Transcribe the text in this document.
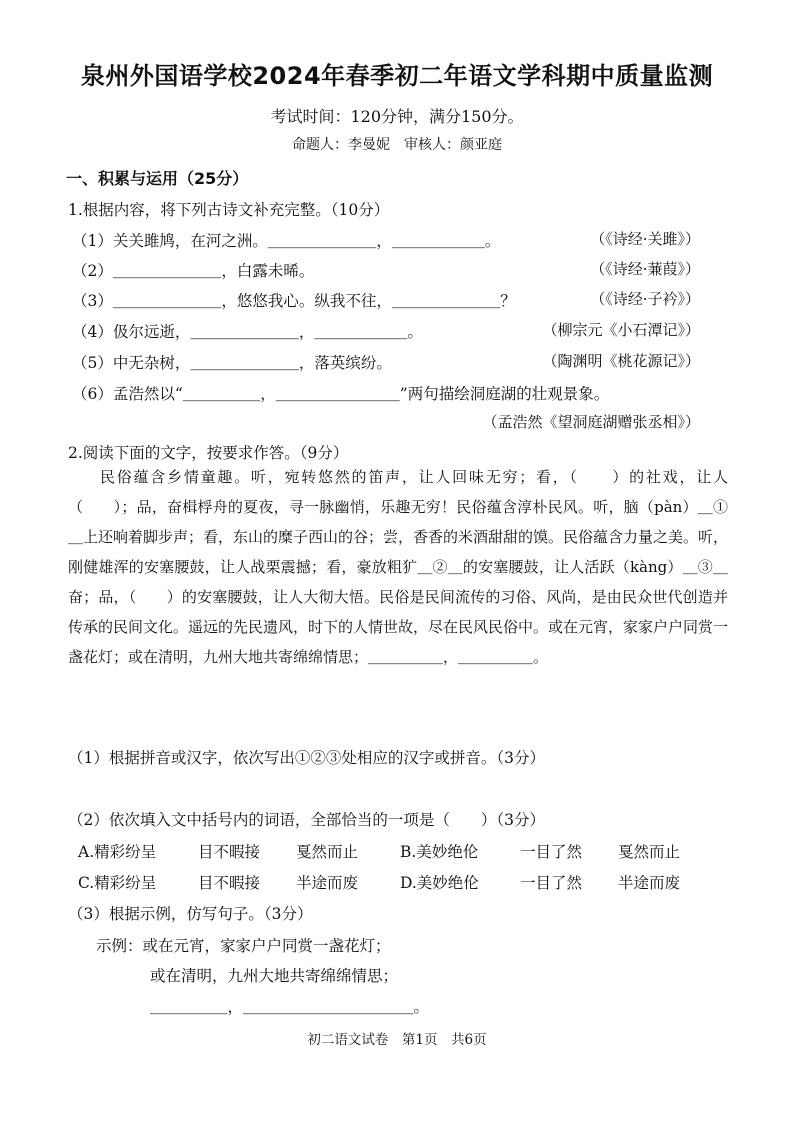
泉州外国语学校2024年春季初二年语文学科期中质量监测
考试时间：120分钟，满分150分。
命题人：李曼妮　审核人：颜亚庭
一、积累与运用（25分）
1.根据内容，将下列古诗文补充完整。（10分）
（1）关关雎鸠，在河之洲。＿＿＿＿＿＿＿，＿＿＿＿＿＿。	（《诗经·关雎》）
（2）＿＿＿＿＿＿＿，白露未晞。	（《诗经·蒹葭》）
（3）＿＿＿＿＿＿＿，悠悠我心。纵我不往，＿＿＿＿＿＿＿？	（《诗经·子衿》）
（4）伋尔远逝，＿＿＿＿＿＿＿，＿＿＿＿＿＿。	（柳宗元《小石潭记》）
（5）中无杂树，＿＿＿＿＿＿＿，落英缤纷。	（陶渊明《桃花源记》）
（6）孟浩然以“＿＿＿＿＿，＿＿＿＿＿＿＿＿”两句描绘洞庭湖的壮观景象。
（孟浩然《望洞庭湖赠张丞相》）
2.阅读下面的文字，按要求作答。（9分）

民俗蕴含乡情童趣。听，宛转悠然的笛声，让人回味无穷；看，（　　）的社戏，让人（　　）；品，奋楫桴舟的夏夜，寻一脉幽悄，乐趣无穷！民俗蕴含淳朴民风。听，脑（pàn）＿①＿上还响着脚步声；看，东山的糜子西山的谷；尝，香香的米酒甜甜的馍。民俗蕴含力量之美。听，刚健雄浑的安塞腰鼓，让人战栗震撼；看，豪放粗犷＿②＿的安塞腰鼓，让人活跃（kàng）＿③＿奋；品，（　　）的安塞腰鼓，让人大彻大悟。民俗是民间流传的习俗、风尚，是由民众世代创造并传承的民间文化。遥远的先民遗风，时下的人情世故，尽在民风民俗中。或在元宵，家家户户同赏一盏花灯；或在清明，九州大地共寄绵绵情思；＿＿＿＿＿，＿＿＿＿＿。

（1）根据拼音或汉字，依次写出①②③处相应的汉字或拼音。（3分）
（2）依次填入文中括号内的词语，全部恰当的一项是（　　）（3分）
A.精彩纷呈	目不暇接 戛然而止	B.美妙绝伦	一目了然 戛然而止
C.精彩纷呈	目不暇接 半途而废	D.美妙绝伦	一目了然 半途而废
（3）根据示例，仿写句子。（3分）
示例：或在元宵，家家户户同赏一盏花灯；
或在清明，九州大地共寄绵绵情思；
＿＿＿＿＿，＿＿＿＿＿＿＿＿＿＿＿。
初二语文试卷　第1页　共6页
